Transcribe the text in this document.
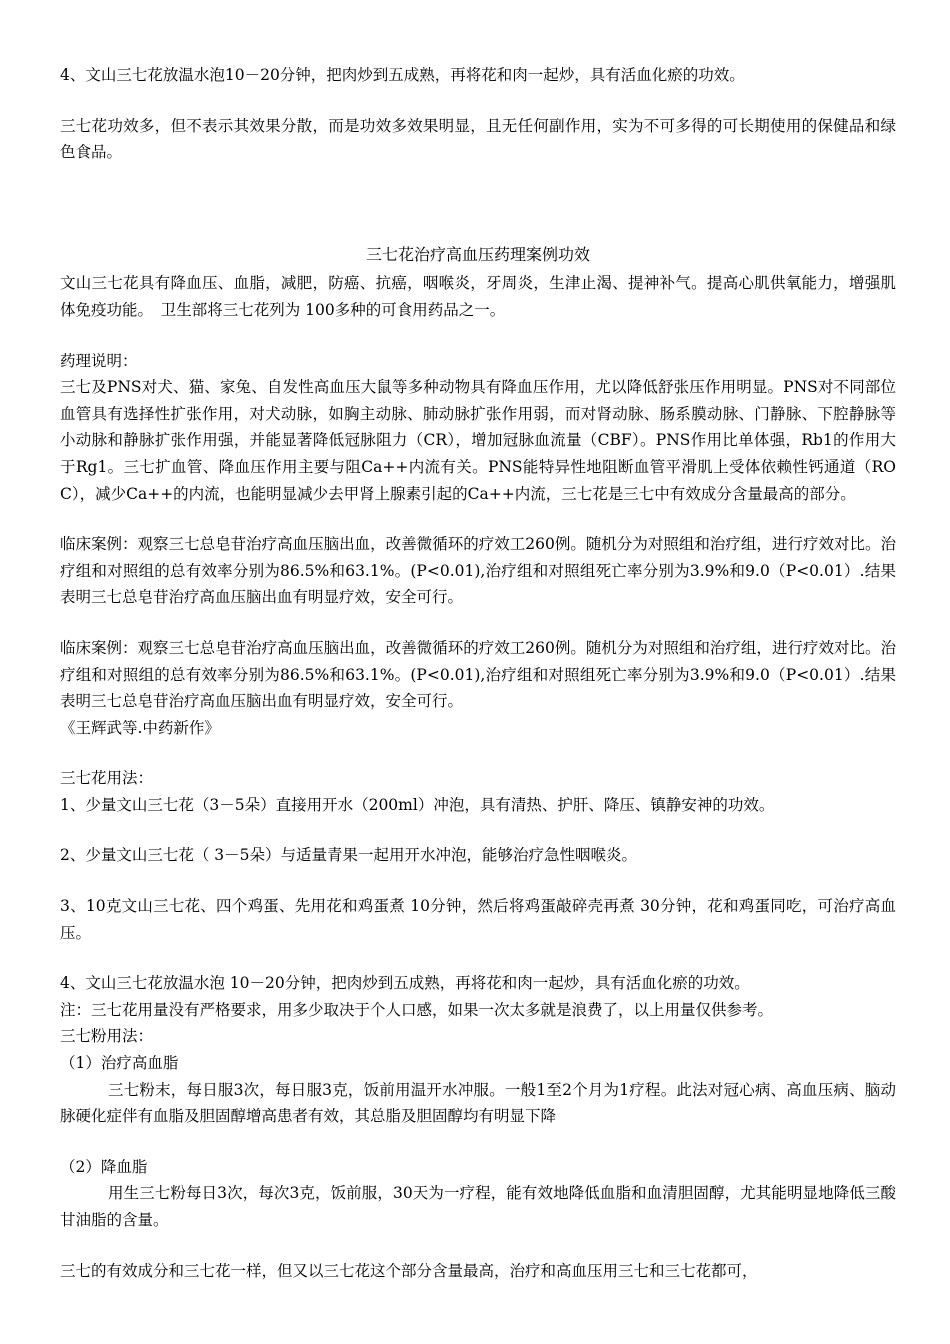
4、文山三七花放温水泡10－20分钟，把肉炒到五成熟，再将花和肉一起炒，具有活血化瘀的功效。

三七花功效多，但不表示其效果分散，而是功效多效果明显，且无任何副作用，实为不可多得的可长期使用的保健品和绿色食品。

三七花治疗高血压药理案例功效

文山三七花具有降血压、血脂，减肥，防癌、抗癌，咽喉炎，牙周炎，生津止渴、提神补气。提高心肌供氧能力，增强肌体免疫功能。　卫生部将三七花列为 100多种的可食用药品之一。

药理说明：

三七及PNS对犬、猫、家兔、自发性高血压大鼠等多种动物具有降血压作用，尤以降低舒张压作用明显。PNS对不同部位血管具有选择性扩张作用，对犬动脉，如胸主动脉、肺动脉扩张作用弱，而对肾动脉、肠系膜动脉、门静脉、下腔静脉等小动脉和静脉扩张作用强，并能显著降低冠脉阻力（CR），增加冠脉血流量（CBF）。PNS作用比单体强，Rb1的作用大于Rg1。三七扩血管、降血压作用主要与阻Ca++内流有关。PNS能特异性地阻断血管平滑肌上受体依赖性钙通道（ROC），减少Ca++的内流，也能明显减少去甲肾上腺素引起的Ca++内流，三七花是三七中有效成分含量最高的部分。

临床案例：观察三七总皂苷治疗高血压脑出血，改善微循环的疗效工260例。随机分为对照组和治疗组，进行疗效对比。治疗组和对照组的总有效率分别为86.5%和63.1%。(P<0.01),治疗组和对照组死亡率分别为3.9%和9.0（P<0.01）.结果表明三七总皂苷治疗高血压脑出血有明显疗效，安全可行。

临床案例：观察三七总皂苷治疗高血压脑出血，改善微循环的疗效工260例。随机分为对照组和治疗组，进行疗效对比。治疗组和对照组的总有效率分别为86.5%和63.1%。(P<0.01),治疗组和对照组死亡率分别为3.9%和9.0（P<0.01）.结果表明三七总皂苷治疗高血压脑出血有明显疗效，安全可行。

《王辉武等.中药新作》

三七花用法：

1、少量文山三七花（3－5朵）直接用开水（200ml）冲泡，具有清热、护肝、降压、镇静安神的功效。

2、少量文山三七花（ 3－5朵）与适量青果一起用开水冲泡，能够治疗急性咽喉炎。

3、10克文山三七花、四个鸡蛋、先用花和鸡蛋煮 10分钟，然后将鸡蛋敲碎壳再煮 30分钟，花和鸡蛋同吃，可治疗高血压。

4、文山三七花放温水泡 10－20分钟，把肉炒到五成熟，再将花和肉一起炒，具有活血化瘀的功效。

注：三七花用量没有严格要求，用多少取决于个人口感，如果一次太多就是浪费了，以上用量仅供参考。

三七粉用法：

（1）治疗高血脂

三七粉末，每日服3次，每日服3克，饭前用温开水冲服。一般1至2个月为1疗程。此法对冠心病、高血压病、脑动脉硬化症伴有血脂及胆固醇增高患者有效，其总脂及胆固醇均有明显下降

（2）降血脂

用生三七粉每日3次，每次3克，饭前服，30天为一疗程，能有效地降低血脂和血清胆固醇，尤其能明显地降低三酸甘油脂的含量。

三七的有效成分和三七花一样，但又以三七花这个部分含量最高，治疗和高血压用三七和三七花都可，
